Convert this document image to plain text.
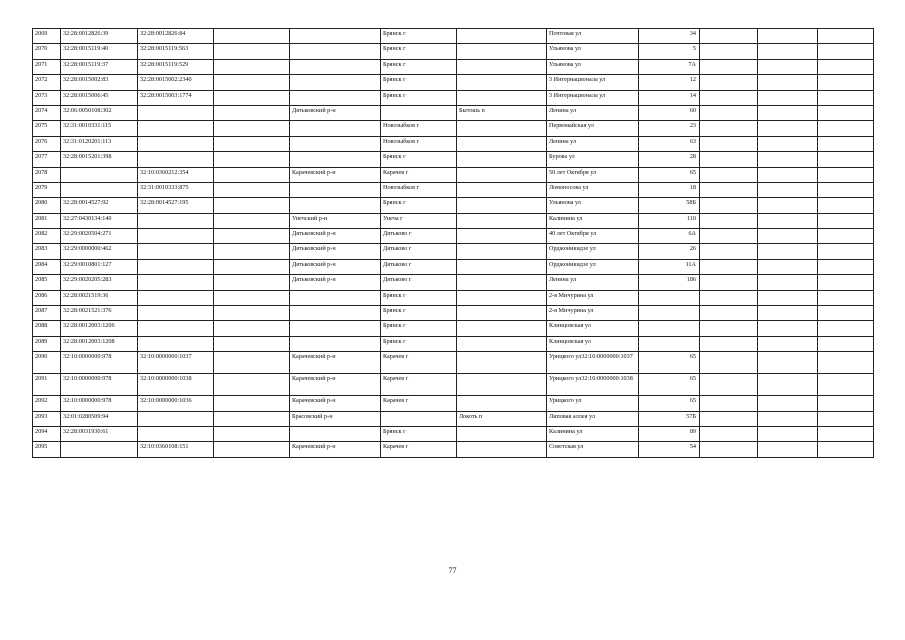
2069	32:28:0012826:39	32:28:0012826:84			Брянск г		Почтовая ул	34			
2070	32:28:0015119:40	32:28:0015119:563			Брянск г		Ульянова ул	5			
2071	32:28:0015119:37	32:28:0015119:529			Брянск г		Ульянова ул	7А			
2072	32:28:0015002:83	32:28:0015002:2340			Брянск г		3 Интернационала ул	12			
2073	32:28:0015006:45	32:28:0015003:1774			Брянск г		3 Интернационала ул	14			
2074	32:06:0050108:302			Дятьковский р-н		Бытошь п	Ленина ул	60			
2075	32:31:0010331:115				Новозыбков г		Первомайская ул	23			
2076	32:31:0120201:113				Новозыбков г		Ленина ул	63			
2077	32:28:0015201:398				Брянск г		Бурова ул	28			
2078		32:10:0360212:354		Карачевский р-н	Карачев г		50 лет Октября ул	65			
2079		32:31:0010333:875			Новозыбков г		Ломоносова ул	18			
2080	32:28:0014527:92	32:28:0014527:195			Брянск г		Ульянова ул	58Б			
2081	32:27:0430134:140			Унечский р-н	Унеча г		Калинина ул	110			
2082	32:29:0020504:271			Дятьковский р-н	Дятьково г		40 лет Октября ул	6А			
2083	32:29:0000000:462			Дятьковский р-н	Дятьково г		Орджоникидзе ул	26			
2084	32:29:0010801:127			Дятьковский р-н	Дятьково г		Орджоникидзе ул	11А			
2085	32:29:0020205:283			Дятьковский р-н	Дятьково г		Ленина ул	186			
2086	32:28:0021519:36				Брянск г		2-я Мичурина ул				
2087	32:28:0021521:376				Брянск г		2-я Мичурина ул				
2088	32:28:0012003:1206				Брянск г		Клинцовская ул				
2089	32:28:0012003:1208				Брянск г		Клинцовская ул				
2090	32:10:0000000:978	32:10:0000000:1037		Карачевский р-н	Карачев г		Урицкого ул32:10:0000000:1037	65			
2091	32:10:0000000:978	32:10:0000000:1038		Карачевский р-н	Карачев г		Урицкого ул32:10:0000000:1038	65			
2092	32:10:0000000:978	32:10:0000000:1036		Карачевский р-н	Карачев г		Урицкого ул	65			
2093	32:01:0280509:94			Брасовский р-н		Локоть п	Липовая аллея ул	57Б			
2094	32:28:0031930:61				Брянск г		Калинина ул	89			
2095		32:10:0360108:151		Карачевский р-н	Карачев г		Советская ул	54			
77
